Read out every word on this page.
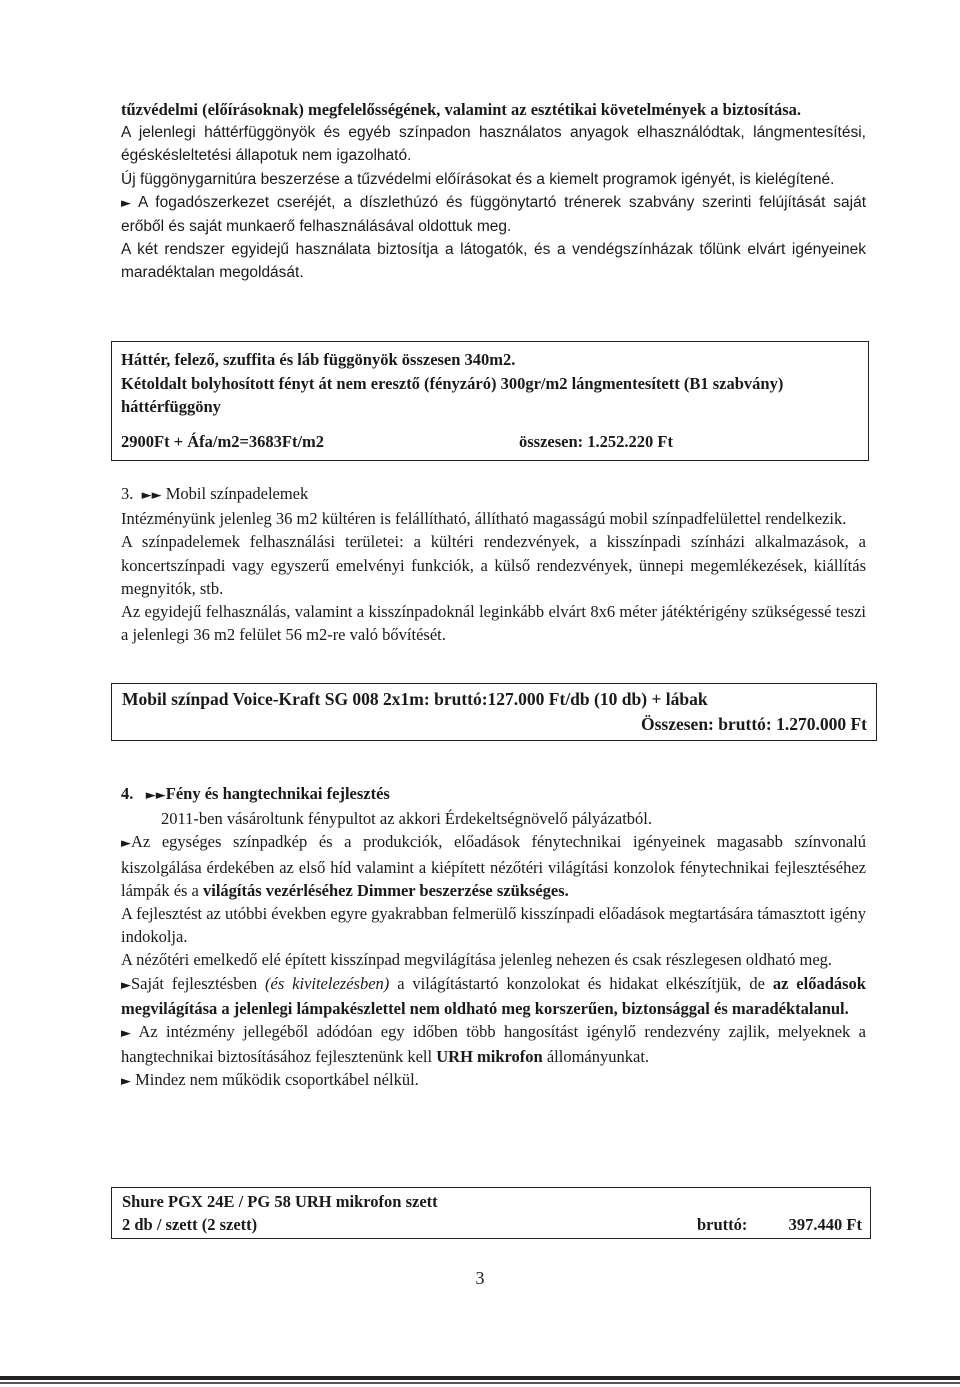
tűzvédelmi (előírásoknak) megfelelősségének, valamint az esztétikai követelmények a biztosítása.

A jelenlegi háttérfüggönyök és egyéb színpadon használatos anyagok elhasználódtak, lángmentesítési, égéskésleltetési állapotuk nem igazolható.

Új függönygarnitúra beszerzése a tűzvédelmi előírásokat és a kiemelt programok igényét, is kielégítené.

► A fogadószerkezet cseréjét, a díszlethúzó és függönytartó trénerek szabvány szerinti felújítását saját erőből és saját munkaerő felhasználásával oldottuk meg.

A két rendszer egyidejű használata biztosítja a látogatók, és a vendégszínházak tőlünk elvárt igényeinek maradéktalan megoldását.

Háttér, felező, szuffita és láb függönyök összesen 340m2.

Kétoldalt bolyhosított fényt át nem eresztő (fényzáró) 300gr/m2 lángmentesített (B1 szabvány) háttérfüggöny

2900Ft + Áfa/m2=3683Ft/m2	összesen: 1.252.220 Ft

3. ►► Mobil színpadelemek

Intézményünk jelenleg 36 m2 kültéren is felállítható, állítható magasságú mobil színpadfelülettel rendelkezik.

A színpadelemek felhasználási területei: a kültéri rendezvények, a kisszínpadi színházi alkalmazások, a koncertszínpadi vagy egyszerű emelvényi funkciók, a külső rendezvények, ünnepi megemlékezések, kiállítás megnyitók, stb.

Az egyidejű felhasználás, valamint a kisszínpadoknál leginkább elvárt 8x6 méter játéktérigény szükségessé teszi a jelenlegi 36 m2 felület 56 m2-re való bővítését.

Mobil színpad Voice-Kraft SG 008 2x1m: bruttó:127.000 Ft/db (10 db) + lábak

Összesen: bruttó: 1.270.000 Ft

4. ►►Fény és hangtechnikai fejlesztés

2011-ben vásároltunk fénypultot az akkori Érdekeltségnövelő pályázatból.

►Az egységes színpadkép és a produkciók, előadások fénytechnikai igényeinek magasabb színvonalú kiszolgálása érdekében az első híd valamint a kiépített nézőtéri világítási konzolok fénytechnikai fejlesztéséhez lámpák és a világítás vezérléséhez Dimmer beszerzése szükséges.

A fejlesztést az utóbbi években egyre gyakrabban felmerülő kisszínpadi előadások megtartására támasztott igény indokolja.

A nézőtéri emelkedő elé épített kisszínpad megvilágítása jelenleg nehezen és csak részlegesen oldható meg.

►Saját fejlesztésben (és kivitelezésben) a világítástartó konzolokat és hidakat elkészítjük, de az előadások megvilágítása a jelenlegi lámpakészlettel nem oldható meg korszerűen, biztonsággal és maradéktalanul.

► Az intézmény jellegéből adódóan egy időben több hangosítást igénylő rendezvény zajlik, melyeknek a hangtechnikai biztosításához fejlesztenünk kell URH mikrofon állományunkat.

► Mindez nem működik csoportkábel nélkül.

Shure PGX 24E / PG 58 URH mikrofon szett

2 db / szett (2 szett)	bruttó:	397.440 Ft

3
